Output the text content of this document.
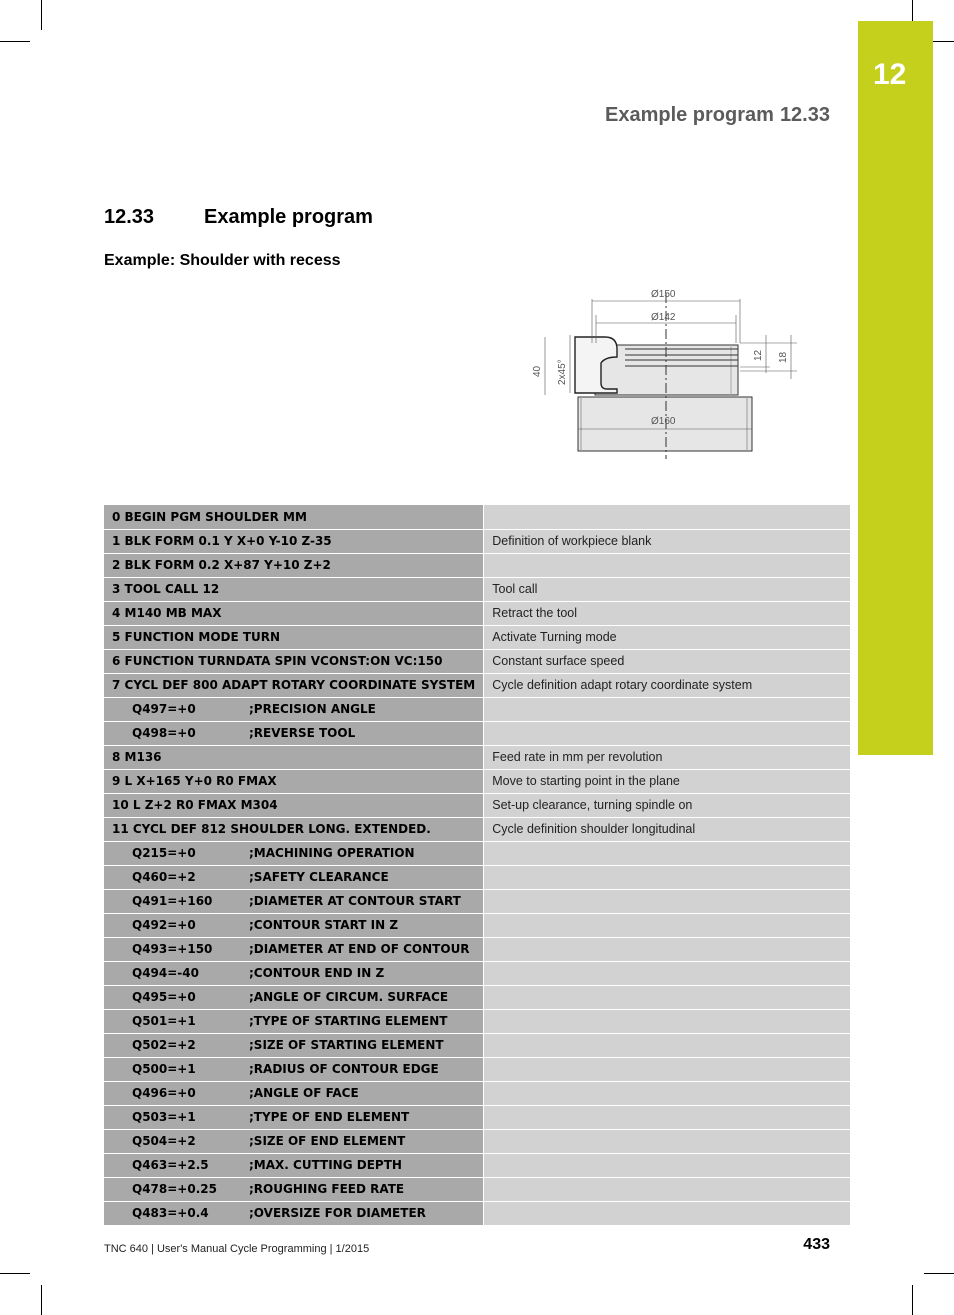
12
Example program 12.33
12.33 Example program
Example: Shoulder with recess
Ø150
Ø142
Ø160
40 2x45°
12 18
0 BEGIN PGM SHOULDER MM	
1 BLK FORM 0.1 Y X+0 Y-10 Z-35	Definition of workpiece blank
2 BLK FORM 0.2 X+87 Y+10 Z+2	
3 TOOL CALL 12	Tool call
4 M140 MB MAX	Retract the tool
5 FUNCTION MODE TURN	Activate Turning mode
6 FUNCTION TURNDATA SPIN VCONST:ON VC:150	Constant surface speed
7 CYCL DEF 800 ADAPT ROTARY COORDINATE SYSTEM	Cycle definition adapt rotary coordinate system
Q497=+0 ;PRECISION ANGLE	
Q498=+0 ;REVERSE TOOL	
8 M136	Feed rate in mm per revolution
9 L X+165 Y+0 R0 FMAX	Move to starting point in the plane
10 L Z+2 R0 FMAX M304	Set-up clearance, turning spindle on
11 CYCL DEF 812 SHOULDER LONG. EXTENDED.	Cycle definition shoulder longitudinal
Q215=+0 ;MACHINING OPERATION	
Q460=+2 ;SAFETY CLEARANCE	
Q491=+160 ;DIAMETER AT CONTOUR START	
Q492=+0 ;CONTOUR START IN Z	
Q493=+150 ;DIAMETER AT END OF CONTOUR	
Q494=-40 ;CONTOUR END IN Z	
Q495=+0 ;ANGLE OF CIRCUM. SURFACE	
Q501=+1 ;TYPE OF STARTING ELEMENT	
Q502=+2 ;SIZE OF STARTING ELEMENT	
Q500=+1 ;RADIUS OF CONTOUR EDGE	
Q496=+0 ;ANGLE OF FACE	
Q503=+1 ;TYPE OF END ELEMENT	
Q504=+2 ;SIZE OF END ELEMENT	
Q463=+2.5 ;MAX. CUTTING DEPTH	
Q478=+0.25 ;ROUGHING FEED RATE	
Q483=+0.4 ;OVERSIZE FOR DIAMETER	
TNC 640 | User's Manual Cycle Programming | 1/2015	433
